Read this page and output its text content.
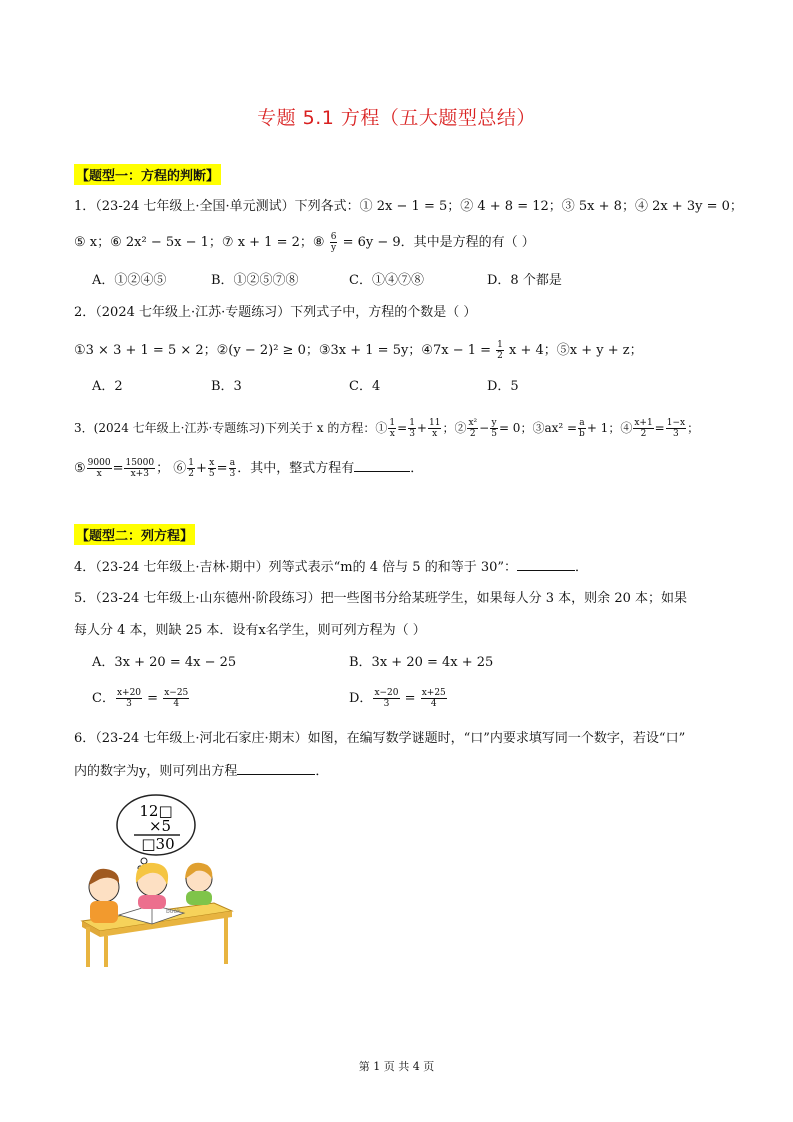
专题 5.1 方程（五大题型总结）
【题型一：方程的判断】
1．（23-24 七年级上·全国·单元测试）下列各式：① 2x − 1 = 5；② 4 + 8 = 12；③ 5x + 8；④ 2x + 3y = 0；
⑤ x；⑥ 2x² − 5x − 1；⑦ x + 1 = 2；⑧ $\frac{6}{y} = 6y - 9$．其中是方程的有（ ）
A．①②④⑤	B．①②⑤⑦⑧	C．①④⑦⑧	D．8 个都是
2．（2024 七年级上·江苏·专题练习）下列式子中，方程的个数是（ ）
①3 × 3 + 1 = 5 × 2；②(y − 2)² ≥ 0；③3x + 1 = 5y；④7x − $1 = \frac{1}{2}$ x + 4；⑤x + y + z；
A．2	B．3	C．4	D．5
3．(2024 七年级上·江苏·专题练习)下列关于 x 的方程：① $\frac{1}{x} = \frac{1}{3} + \frac{11}{x}$ ；② $\frac{\text{x²}}{2} - \frac{y}{5} = 0$；③ax² = $\frac{a}{b} + 1$；④ $\frac{x+1}{2} = \frac{1-x}{3}$ ；
⑤ $\frac{9000}{x} = \frac{15000}{x+3}$ ； ⑥ $\frac{1}{2} + \frac{x}{5} = \frac{a}{3}$ ．其中，整式方程有	．
【题型二：列方程】
4．（23-24 七年级上·吉林·期中）列等式表示“m的 4 倍与 5 的和等于 30”：	．
5．（23-24 七年级上·山东德州·阶段练习）把一些图书分给某班学生，如果每人分 3 本，则余 20 本；如果
每人分 4 本，则缺 25 本．设有x名学生，则可列方程为（ ）
A．3x + 20 = 4x − 25	B．3x + 20 = 4x + 25
C． $\frac{x+20}{3} = \frac{x-25}{4}$	D． $\frac{x-20}{3} = \frac{x+25}{4}$
6．（23-24 七年级上·河北石家庄·期末）如图，在编写数学谜题时，“口”内要求填写同一个数字，若设“口”
内的数字为y，则可列出方程	．
12□
×5
□30
book
第 1 页 共 4 页
